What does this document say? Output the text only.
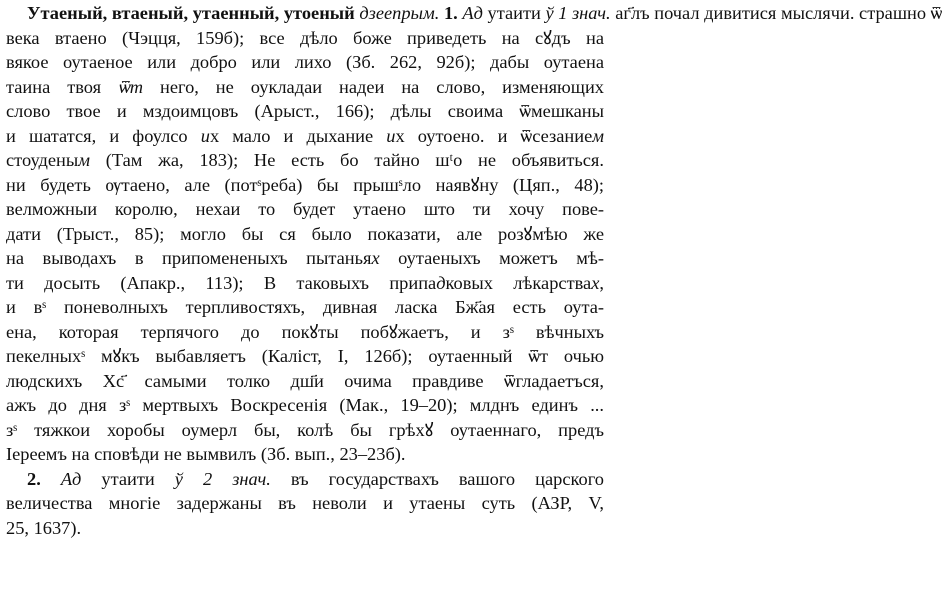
Утаеный, втаеный, утаенный, утоеный дзеепрым. 1. Ад утаити ў 1 знач. аг҃лъ почал дивитися мыслячи. страшно ѿ
века втаено (Чэцця, 159б); все дѣло боже приведеть на сꙋдъ на
вякое оутаеное или добро или лихо (Зб. 262, 92б); дабы оутаена
таина твоя ѿт него, не оукладаи надеи на слово, изменяющих
слово твое и мздоимцовъ (Арыст., 166); дѣлы своима ѿмешканы
и шататся, и фоулсо их мало и дыхание их оутоено. и ѿсезанием
стоуденым (Там жа, 183); Не есть бо тайно шᵗо не объявиться.
ни будеть ѹтаено, але (потˢреба) бы прышˢло наявꙋну (Цяп., 48);
велможныи королю, нехаи то будет утаено што ти хочу пове-
дати (Трыст., 85); могло бы ся было показати, але розꙋмѣю же
на выводахъ в припомененыхъ пытаньях оутаеныхъ можетъ мѣ-
ти досыть (Апакр., 113); В таковыхъ припадковых лѣкарствах,
и вˢ поневолныхъ терпливостяхъ, дивная ласка Бж҃ая есть оута-
ена, которая терпячого до покꙋты побꙋжаетъ, и зˢ вѣчныхъ
пекелныхˢ мꙋкъ выбавляетъ (Каліст, I, 126б); оутаенный ѿт очью
людскихъ Хс҃ самыми толко дш҃и очима правдиве ѿгладаетъся,
ажъ до дня зˢ мертвыхъ Воскресенія (Мак., 19–20); млднъ единъ ...
зˢ тяжкои хоробы оумерл бы, колѣ бы грѣхꙋ оутаеннаго, предъ
Іереемъ на сповѣди не вымвилъ (Зб. вып., 23–23б).
2. Ад утаити ў 2 знач. въ государствахъ вашого царского
величества многіе задержаны въ неволи и утаены суть (АЗР, V,
25, 1637).
